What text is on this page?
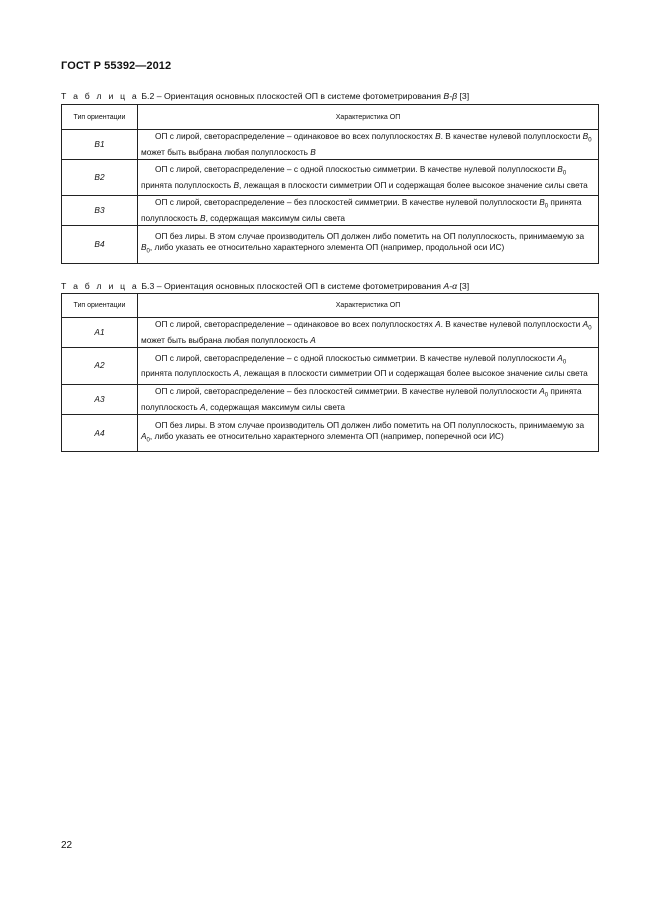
ГОСТ Р 55392—2012
Т а б л и ц а Б.2 – Ориентация основных плоскостей ОП в системе фотометрирования B-β [3]
Тип ориентации	Характеристика ОП
B1	ОП с лирой, светораспределение – одинаковое во всех полуплоскостях B. В качестве нулевой полуплоскости $B_0$ может быть выбрана любая полуплоскость B
B2	ОП с лирой, светораспределение – с одной плоскостью симметрии. В качестве нулевой полуплоскости $B_0$ принята полуплоскость B, лежащая в плоскости симметрии ОП и содержащая более высокое значение силы света
B3	ОП с лирой, светораспределение – без плоскостей симметрии. В качестве нулевой полуплоскости $B_0$ принята полуплоскость B, содержащая максимум силы света
B4	ОП без лиры. В этом случае производитель ОП должен либо пометить на ОП полуплоскость, принимаемую за $B_0$, либо указать ее относительно характерного элемента ОП (например, продольной оси ИС)
Т а б л и ц а Б.3 – Ориентация основных плоскостей ОП в системе фотометрирования A-α [3]
Тип ориентации	Характеристика ОП
A1	ОП с лирой, светораспределение – одинаковое во всех полуплоскостях A. В качестве нулевой полуплоскости $A_0$ может быть выбрана любая полуплоскость A
A2	ОП с лирой, светораспределение – с одной плоскостью симметрии. В качестве нулевой полуплоскости $A_0$ принята полуплоскость A, лежащая в плоскости симметрии ОП и содержащая более высокое значение силы света
A3	ОП с лирой, светораспределение – без плоскостей симметрии. В качестве нулевой полуплоскости $A_0$ принята полуплоскость A, содержащая максимум силы света
A4	ОП без лиры. В этом случае производитель ОП должен либо пометить на ОП полуплоскость, принимаемую за $A_0$, либо указать ее относительно характерного элемента ОП (например, поперечной оси ИС)
22
